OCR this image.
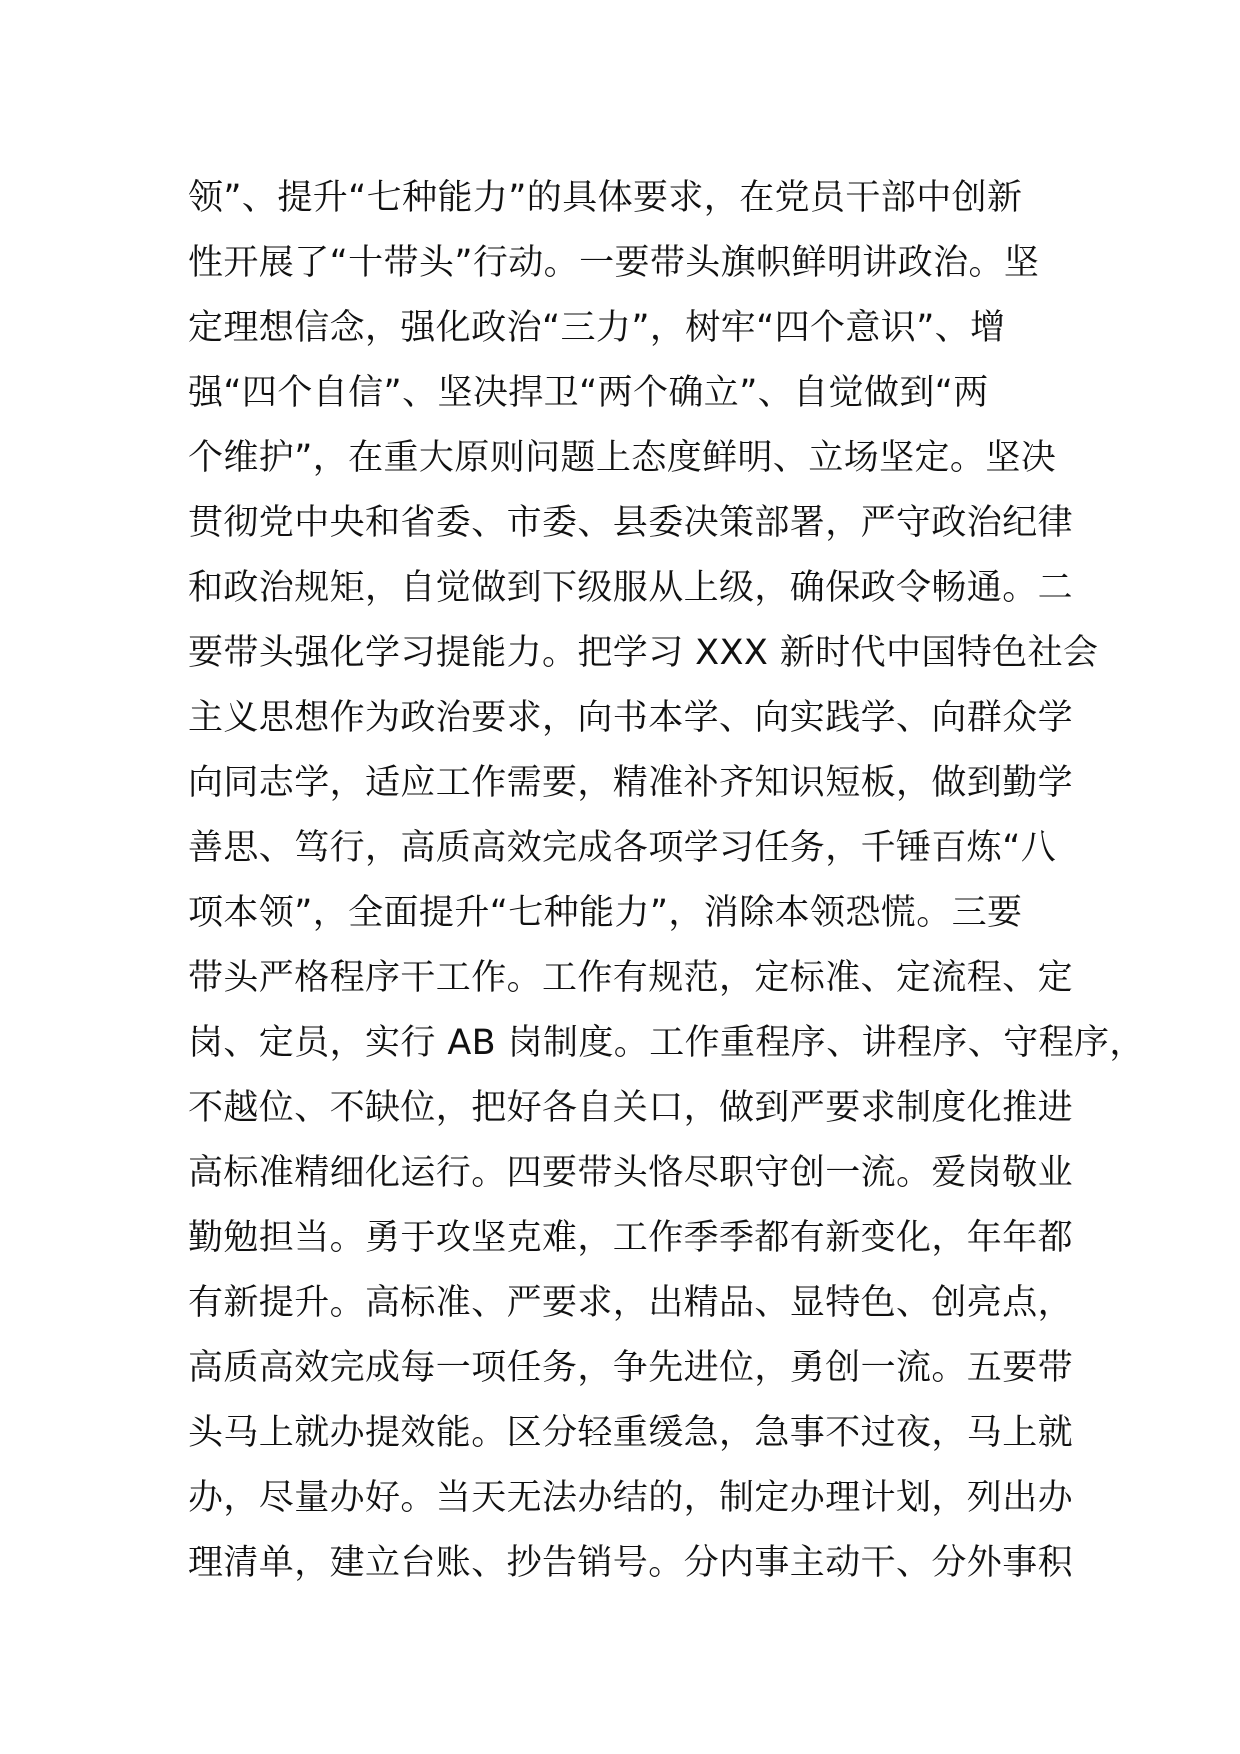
领”、提升“七种能力”的具体要求，在党员干部中创新
性开展了“十带头”行动。一要带头旗帜鲜明讲政治。坚
定理想信念，强化政治“三力”，树牢“四个意识”、增
强“四个自信”、坚决捍卫“两个确立”、自觉做到“两
个维护”，在重大原则问题上态度鲜明、立场坚定。坚决
贯彻党中央和省委、市委、县委决策部署，严守政治纪律
和政治规矩，自觉做到下级服从上级，确保政令畅通。二
要带头强化学习提能力。把学习 XXX 新时代中国特色社会
主义思想作为政治要求，向书本学、向实践学、向群众学
向同志学，适应工作需要，精准补齐知识短板，做到勤学
善思、笃行，高质高效完成各项学习任务，千锤百炼“八
项本领”，全面提升“七种能力”，消除本领恐慌。三要
带头严格程序干工作。工作有规范，定标准、定流程、定
岗、定员，实行 AB 岗制度。工作重程序、讲程序、守程序，
不越位、不缺位，把好各自关口，做到严要求制度化推进
高标准精细化运行。四要带头恪尽职守创一流。爱岗敬业
勤勉担当。勇于攻坚克难，工作季季都有新变化，年年都
有新提升。高标准、严要求，出精品、显特色、创亮点，
高质高效完成每一项任务，争先进位，勇创一流。五要带
头马上就办提效能。区分轻重缓急，急事不过夜，马上就
办，尽量办好。当天无法办结的，制定办理计划，列出办
理清单，建立台账、抄告销号。分内事主动干、分外事积
